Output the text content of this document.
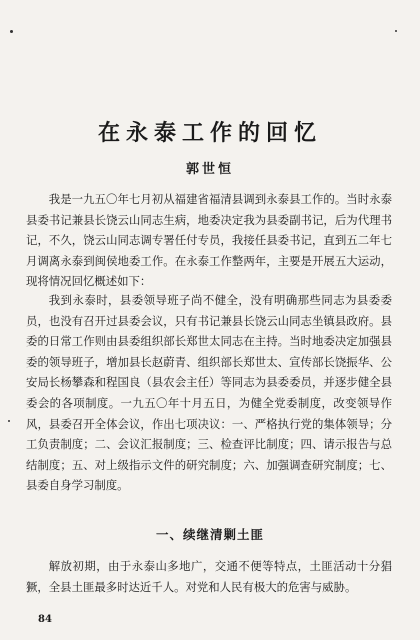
在永泰工作的回忆
郭世恒

我是一九五〇年七月初从福建省福清县调到永泰县工作的。当时永泰县委书记兼县长饶云山同志生病，地委决定我为县委副书记，后为代理书记，不久，饶云山同志调专署任付专员，我接任县委书记，直到五二年七月调离永泰到闽侯地委工作。在永泰工作整两年，主要是开展五大运动，现将情况回忆概述如下：

我到永泰时，县委领导班子尚不健全，没有明确那些同志为县委委员，也没有召开过县委会议，只有书记兼县长饶云山同志坐镇县政府。县委的日常工作则由县委组织部长郑世太同志在主持。当时地委决定加强县委的领导班子，增加县长赵蔚青、组织部长郑世太、宣传部长饶振华、公安局长杨攀森和程国良（县农会主任）等同志为县委委员，并逐步健全县委会的各项制度。一九五〇年十月五日，为健全党委制度，改变领导作风，县委召开全体会议，作出七项决议：一、严格执行党的集体领导；分工负责制度；二、会议汇报制度；三、检查评比制度；四、请示报告与总结制度；五、对上级指示文件的研究制度；六、加强调查研究制度；七、县委自身学习制度。

一、续继清剿土匪

解放初期，由于永泰山多地广，交通不便等特点，土匪活动十分猖獗，全县土匪最多时达近千人。对党和人民有极大的危害与威胁。

84
